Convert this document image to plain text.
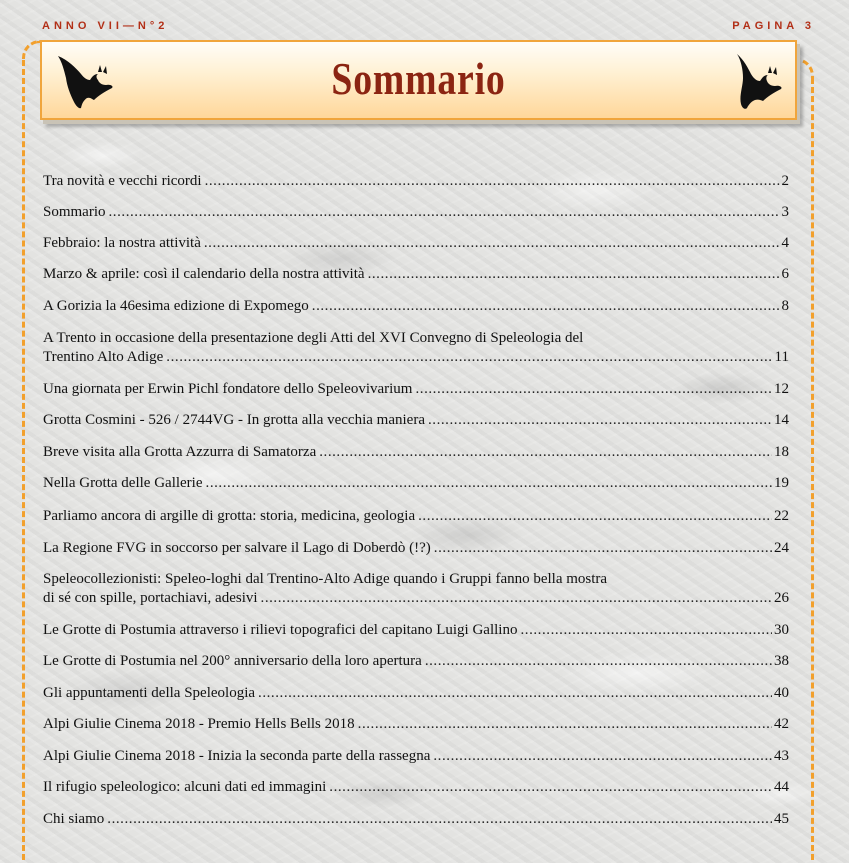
ANNO VII—N°2	PAGINA 3
Sommario
Tra novità e vecchi ricordi . . .	2
Sommario . . .	3
Febbraio: la nostra attività . . .	4
Marzo & aprile: così il calendario della nostra attività . . .	6
A Gorizia la 46esima edizione di Expomego . . .	8
A Trento in occasione della presentazione degli Atti del XVI Convegno di Speleologia del
Trentino Alto Adige . . .	11
Una giornata per Erwin Pichl fondatore dello Speleovivarium . . .	12
Grotta Cosmini - 526 / 2744VG - In grotta alla vecchia maniera . . .	14
Breve visita alla Grotta Azzurra di Samatorza . . .	18
Nella Grotta delle Gallerie . . .	19
Parliamo ancora di argille di grotta: storia, medicina, geologia . . .	22
La Regione FVG in soccorso per salvare il Lago di Doberdò (!?) . . .	24
Speleocollezionisti: Speleo-loghi dal Trentino-Alto Adige quando i Gruppi fanno bella mostra
di sé con spille, portachiavi, adesivi . . .	26
Le Grotte di Postumia attraverso i rilievi topografici del capitano Luigi Gallino . . .	30
Le Grotte di Postumia nel 200° anniversario della loro apertura . . .	38
Gli appuntamenti della Speleologia . . .	40
Alpi Giulie Cinema 2018 - Premio Hells Bells 2018 . . .	42
Alpi Giulie Cinema 2018 - Inizia la seconda parte della rassegna . . .	43
Il rifugio speleologico: alcuni dati ed immagini . . .	44
Chi siamo . . .	45
